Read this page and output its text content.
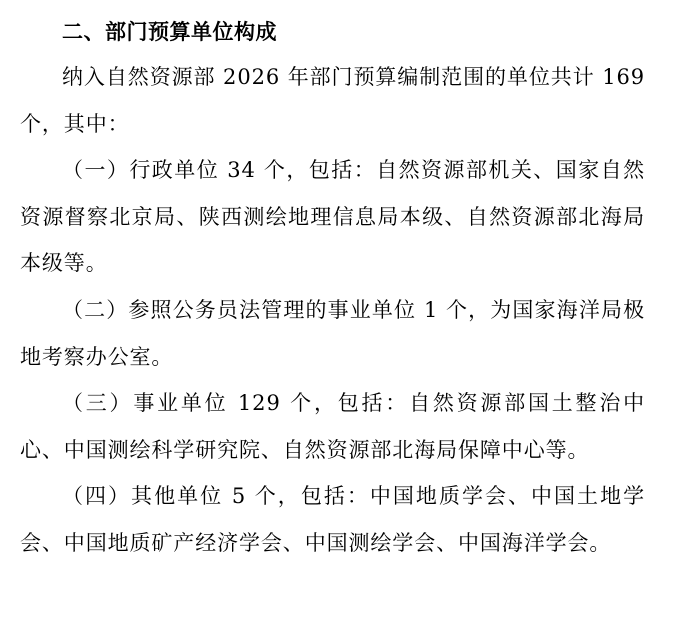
二、部门预算单位构成

纳入自然资源部 2026 年部门预算编制范围的单位共计 169 个，其中：

（一）行政单位 34 个，包括：自然资源部机关、国家自然资源督察北京局、陕西测绘地理信息局本级、自然资源部北海局本级等。

（二）参照公务员法管理的事业单位 1 个，为国家海洋局极地考察办公室。

（三）事业单位 129 个，包括：自然资源部国土整治中心、中国测绘科学研究院、自然资源部北海局保障中心等。

（四）其他单位 5 个，包括：中国地质学会、中国土地学会、中国地质矿产经济学会、中国测绘学会、中国海洋学会。
